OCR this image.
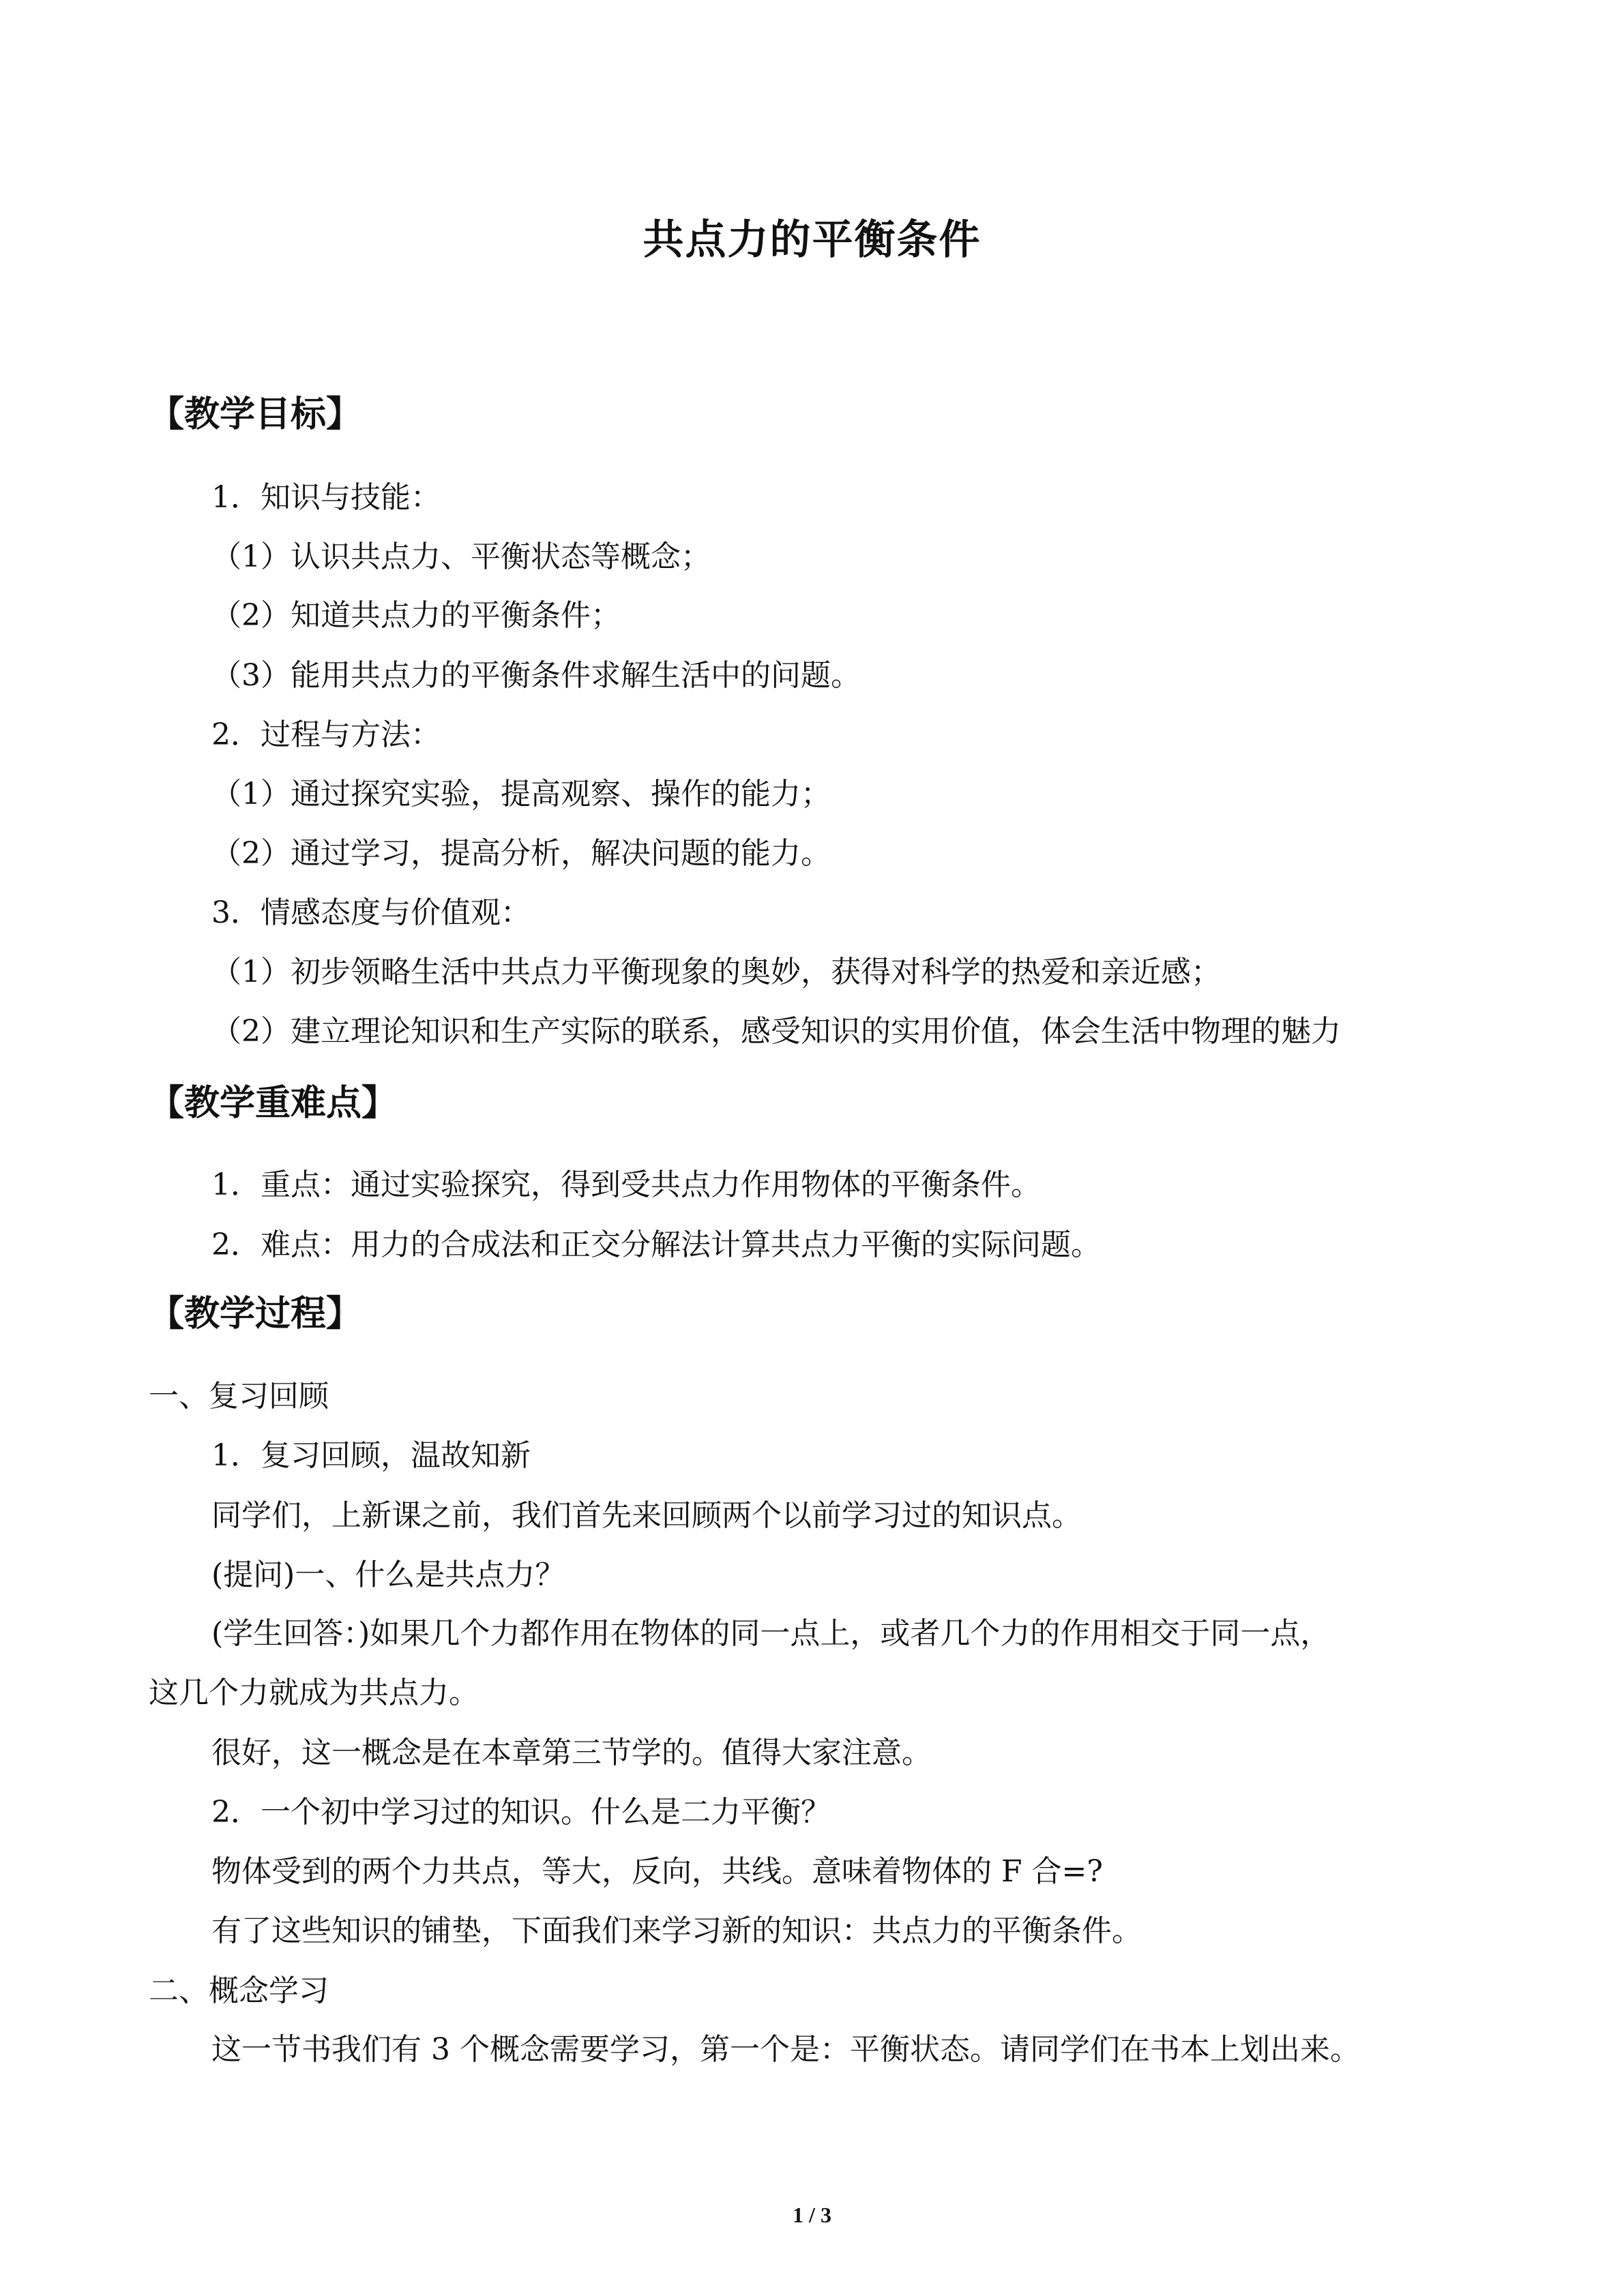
共点力的平衡条件
【教学目标】
1．知识与技能：
（1）认识共点力、平衡状态等概念；
（2）知道共点力的平衡条件；
（3）能用共点力的平衡条件求解生活中的问题。
2．过程与方法：
（1）通过探究实验，提高观察、操作的能力；
（2）通过学习，提高分析，解决问题的能力。
3．情感态度与价值观：
（1）初步领略生活中共点力平衡现象的奥妙，获得对科学的热爱和亲近感；
（2）建立理论知识和生产实际的联系，感受知识的实用价值，体会生活中物理的魅力
【教学重难点】
1．重点：通过实验探究，得到受共点力作用物体的平衡条件。
2．难点：用力的合成法和正交分解法计算共点力平衡的实际问题。
【教学过程】
一、复习回顾
1．复习回顾，温故知新
同学们，上新课之前，我们首先来回顾两个以前学习过的知识点。
(提问)一、什么是共点力？
(学生回答：)如果几个力都作用在物体的同一点上，或者几个力的作用相交于同一点，
这几个力就成为共点力。
很好，这一概念是在本章第三节学的。值得大家注意。
2．一个初中学习过的知识。什么是二力平衡？
物体受到的两个力共点，等大，反向，共线。意味着物体的 F 合=?
有了这些知识的铺垫，下面我们来学习新的知识：共点力的平衡条件。
二、概念学习
这一节书我们有 3 个概念需要学习，第一个是：平衡状态。请同学们在书本上划出来。
1 / 3
